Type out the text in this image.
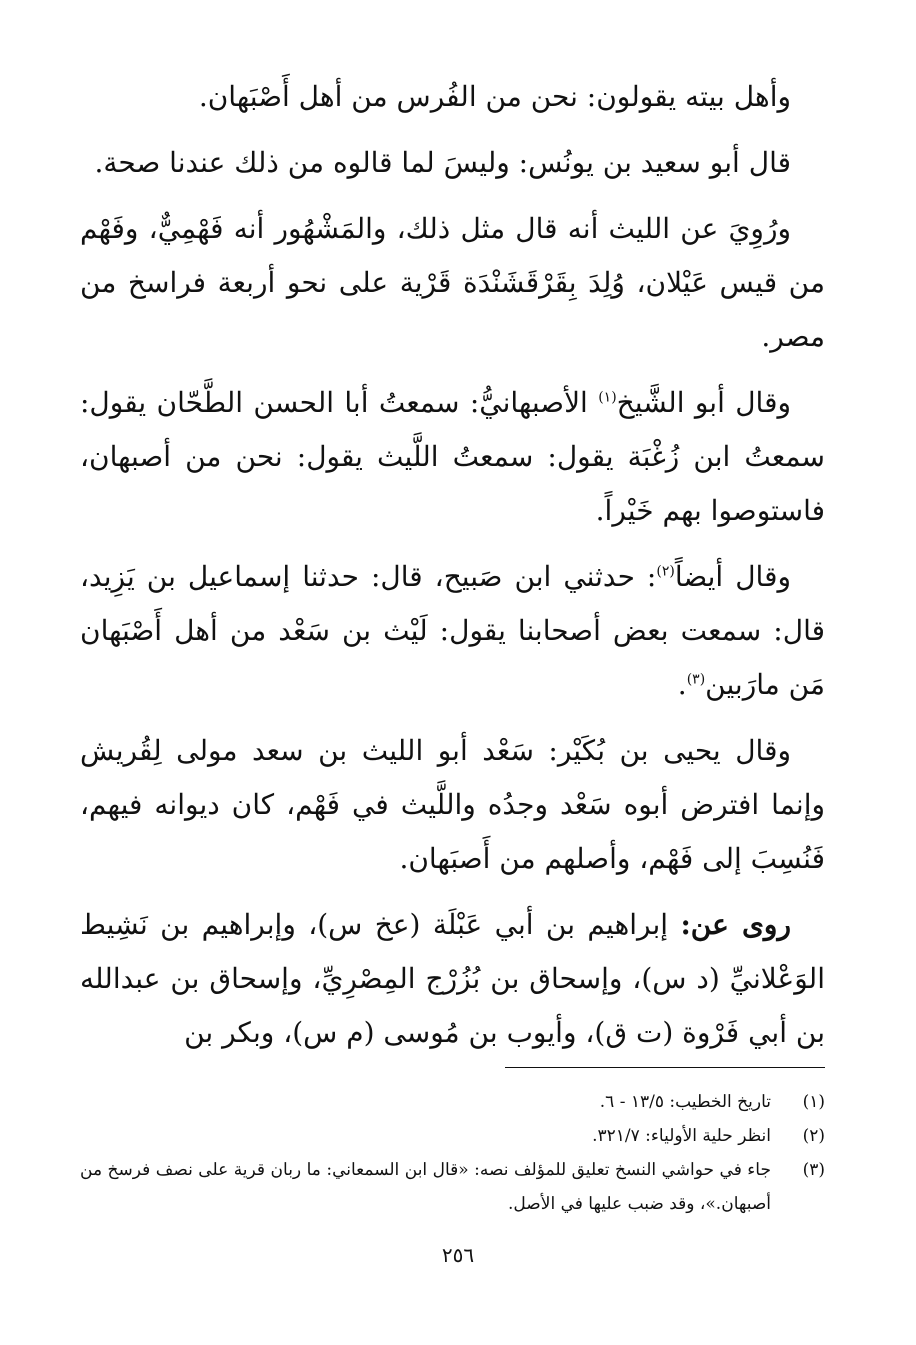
وأهل بيته يقولون: نحن من الفُرس من أهل أَصْبَهان.

قال أبو سعيد بن يونُس: وليسَ لما قالوه من ذلك عندنا صحة.

ورُوِيَ عن الليث أنه قال مثل ذلك، والمَشْهُور أنه فَهْمِيٌّ، وفَهْم من قيس عَيْلان، وُلِدَ بِقَرْقَشَنْدَة قَرْية على نحو أربعة فراسخ من مصر.

وقال أبو الشَّيخ$^{(١)}$ الأصبهانيُّ: سمعتُ أبا الحسن الطَّحّان يقول: سمعتُ ابن زُغْبَة يقول: سمعتُ اللَّيث يقول: نحن من أصبهان، فاستوصوا بهم خَيْراً.

وقال أيضاً$^{(٢)}$: حدثني ابن صَبيح، قال: حدثنا إسماعيل بن يَزِيد، قال: سمعت بعض أصحابنا يقول: لَيْث بن سَعْد من أهل أَصْبَهان مَن مارَبين$^{(٣)}$.

وقال يحيى بن بُكَيْر: سَعْد أبو الليث بن سعد مولى لِقُريش وإنما افترض أبوه سَعْد وجدُه واللَّيث في فَهْم، كان ديوانه فيهم، فَنُسِبَ إلى فَهْم، وأصلهم من أَصبَهان.

روى عن: إبراهيم بن أبي عَبْلَة (عخ س)، وإبراهيم بن نَشِيط الوَعْلانيِّ (د س)، وإسحاق بن بُزُرْج المِصْرِيِّ، وإسحاق بن عبدالله بن أبي فَرْوة (ت ق)، وأيوب بن مُوسى (م س)، وبكر بن

(١)
تاريخ الخطيب: ١٣/٥ - ٦.
(٢)
انظر حلية الأولياء: ٣٢١/٧.
(٣)
جاء في حواشي النسخ تعليق للمؤلف نصه: «قال ابن السمعاني: ما ربان قرية على نصف فرسخ من أصبهان.»، وقد ضبب عليها في الأصل.
٢٥٦
